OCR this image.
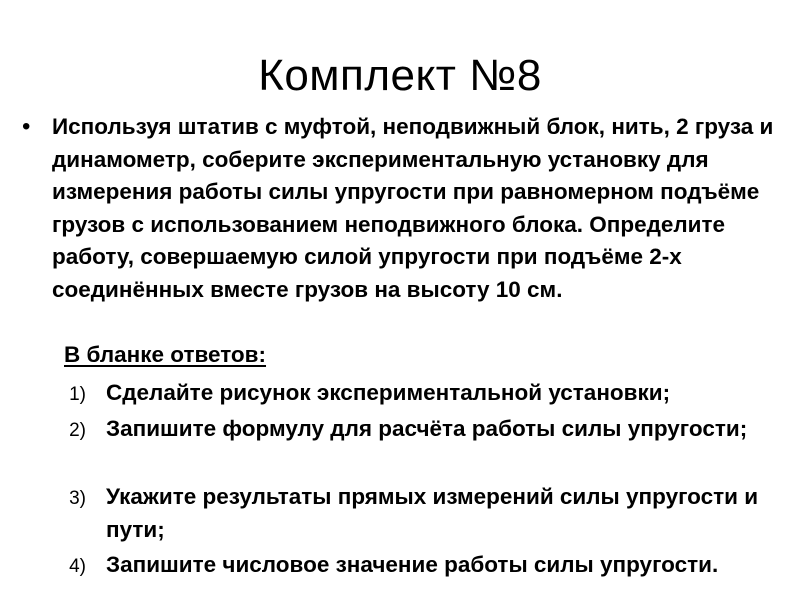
Комплект №8
• Используя штатив с муфтой, неподвижный блок, нить, 2 груза и динамометр, соберите экспериментальную установку для измерения работы силы упругости при равномерном подъёме грузов с использованием неподвижного блока. Определите работу, совершаемую силой упругости при подъёме 2-х соединённых вместе грузов на высоту 10 см.
В бланке ответов:
1) Сделайте рисунок экспериментальной установки;
2) Запишите формулу для расчёта работы силы упругости;
3) Укажите результаты прямых измерений силы упругости и пути;
4) Запишите числовое значение работы силы упругости.
